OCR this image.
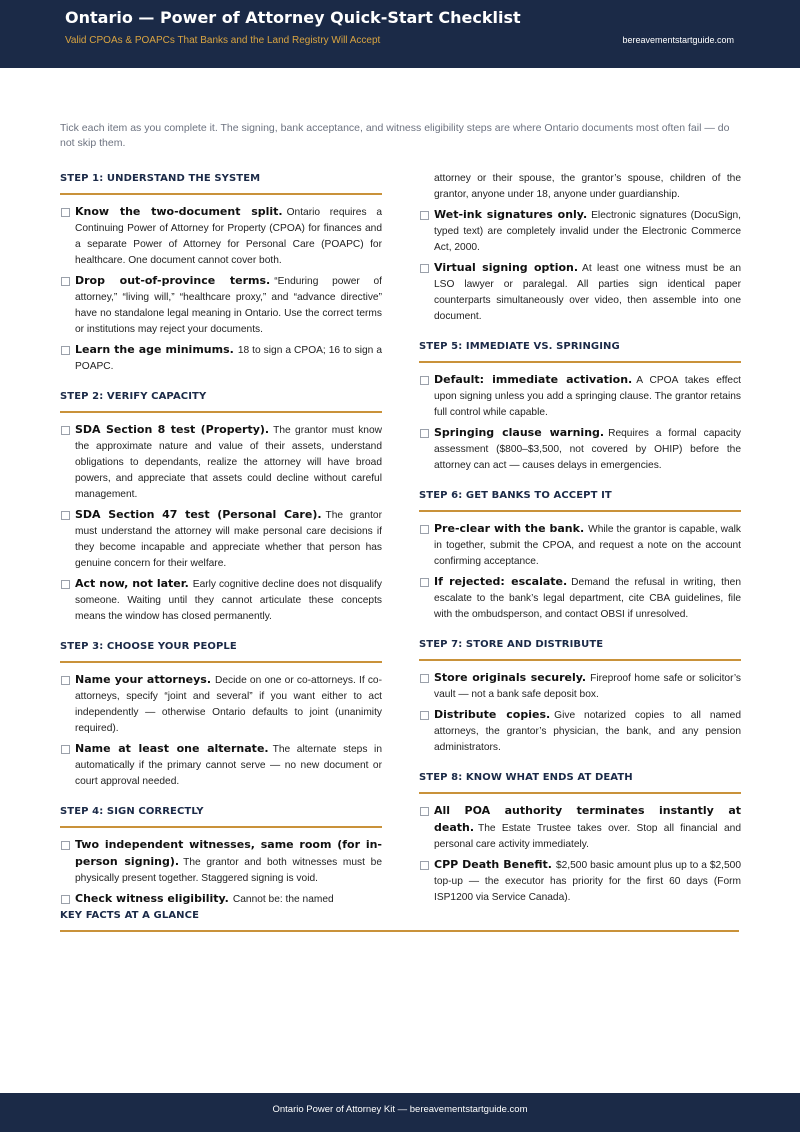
Ontario — Power of Attorney Quick-Start Checklist
Valid CPOAs & POAPCs That Banks and the Land Registry Will Accept	bereavementstartguide.com
Tick each item as you complete it. The signing, bank acceptance, and witness eligibility steps are where Ontario documents most often fail — do not skip them.
STEP 1: UNDERSTAND THE SYSTEM
Know the two-document split. Ontario requires a Continuing Power of Attorney for Property (CPOA) for finances and a separate Power of Attorney for Personal Care (POAPC) for healthcare. One document cannot cover both.
Drop out-of-province terms. “Enduring power of attorney,” “living will,” “healthcare proxy,” and “advance directive” have no standalone legal meaning in Ontario. Use the correct terms or institutions may reject your documents.
Learn the age minimums. 18 to sign a CPOA; 16 to sign a POAPC.
STEP 2: VERIFY CAPACITY
SDA Section 8 test (Property). The grantor must know the approximate nature and value of their assets, understand obligations to dependants, realize the attorney will have broad powers, and appreciate that assets could decline without careful management.
SDA Section 47 test (Personal Care). The grantor must understand the attorney will make personal care decisions if they become incapable and appreciate whether that person has genuine concern for their welfare.
Act now, not later. Early cognitive decline does not disqualify someone. Waiting until they cannot articulate these concepts means the window has closed permanently.
STEP 3: CHOOSE YOUR PEOPLE
Name your attorneys. Decide on one or co-attorneys. If co-attorneys, specify “joint and several” if you want either to act independently — otherwise Ontario defaults to joint (unanimity required).
Name at least one alternate. The alternate steps in automatically if the primary cannot serve — no new document or court approval needed.
STEP 4: SIGN CORRECTLY
Two independent witnesses, same room (for in-person signing). The grantor and both witnesses must be physically present together. Staggered signing is void.
Check witness eligibility. Cannot be: the named
attorney or their spouse, the grantor’s spouse, children of the grantor, anyone under 18, anyone under guardianship.
Wet-ink signatures only. Electronic signatures (DocuSign, typed text) are completely invalid under the Electronic Commerce Act, 2000.
Virtual signing option. At least one witness must be an LSO lawyer or paralegal. All parties sign identical paper counterparts simultaneously over video, then assemble into one document.
STEP 5: IMMEDIATE VS. SPRINGING
Default: immediate activation. A CPOA takes effect upon signing unless you add a springing clause. The grantor retains full control while capable.
Springing clause warning. Requires a formal capacity assessment ($800–$3,500, not covered by OHIP) before the attorney can act — causes delays in emergencies.
STEP 6: GET BANKS TO ACCEPT IT
Pre-clear with the bank. While the grantor is capable, walk in together, submit the CPOA, and request a note on the account confirming acceptance.
If rejected: escalate. Demand the refusal in writing, then escalate to the bank’s legal department, cite CBA guidelines, file with the ombudsperson, and contact OBSI if unresolved.
STEP 7: STORE AND DISTRIBUTE
Store originals securely. Fireproof home safe or solicitor’s vault — not a bank safe deposit box.
Distribute copies. Give notarized copies to all named attorneys, the grantor’s physician, the bank, and any pension administrators.
STEP 8: KNOW WHAT ENDS AT DEATH
All POA authority terminates instantly at death. The Estate Trustee takes over. Stop all financial and personal care activity immediately.
CPP Death Benefit. $2,500 basic amount plus up to a $2,500 top-up — the executor has priority for the first 60 days (Form ISP1200 via Service Canada).
KEY FACTS AT A GLANCE
Ontario Power of Attorney Kit — bereavementstartguide.com
